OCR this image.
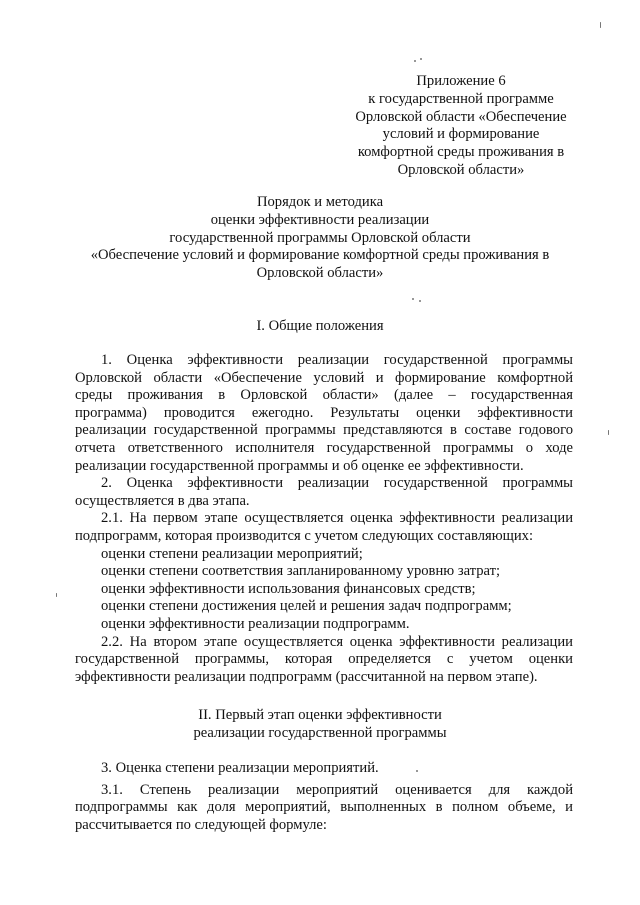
Приложение 6
к государственной программе
Орловской области «Обеспечение
условий и формирование
комфортной среды проживания в
Орловской области»
Порядок и методика
оценки эффективности реализации
государственной программы Орловской области
«Обеспечение условий и формирование комфортной среды проживания в
Орловской области»
I. Общие положения

1. Оценка эффективности реализации государственной программы

Орловской области «Обеспечение условий и формирование комфортной

среды проживания в Орловской области» (далее – государственная

программа) проводится ежегодно. Результаты оценки эффективности

реализации государственной программы представляются в составе годового

отчета ответственного исполнителя государственной программы о ходе

реализации государственной программы и об оценке ее эффективности.

2. Оценка эффективности реализации государственной программы

осуществляется в два этапа.

2.1. На первом этапе осуществляется оценка эффективности реализации

подпрограмм, которая производится с учетом следующих составляющих:

оценки степени реализации мероприятий;

оценки степени соответствия запланированному уровню затрат;

оценки эффективности использования финансовых средств;

оценки степени достижения целей и решения задач подпрограмм;

оценки эффективности реализации подпрограмм.

2.2. На втором этапе осуществляется оценка эффективности реализации

государственной программы, которая определяется с учетом оценки

эффективности реализации подпрограмм (рассчитанной на первом этапе).

II. Первый этап оценки эффективности
реализации государственной программы

3. Оценка степени реализации мероприятий.

3.1. Степень реализации мероприятий оценивается для каждой

подпрограммы как доля мероприятий, выполненных в полном объеме, и

рассчитывается по следующей формуле:
